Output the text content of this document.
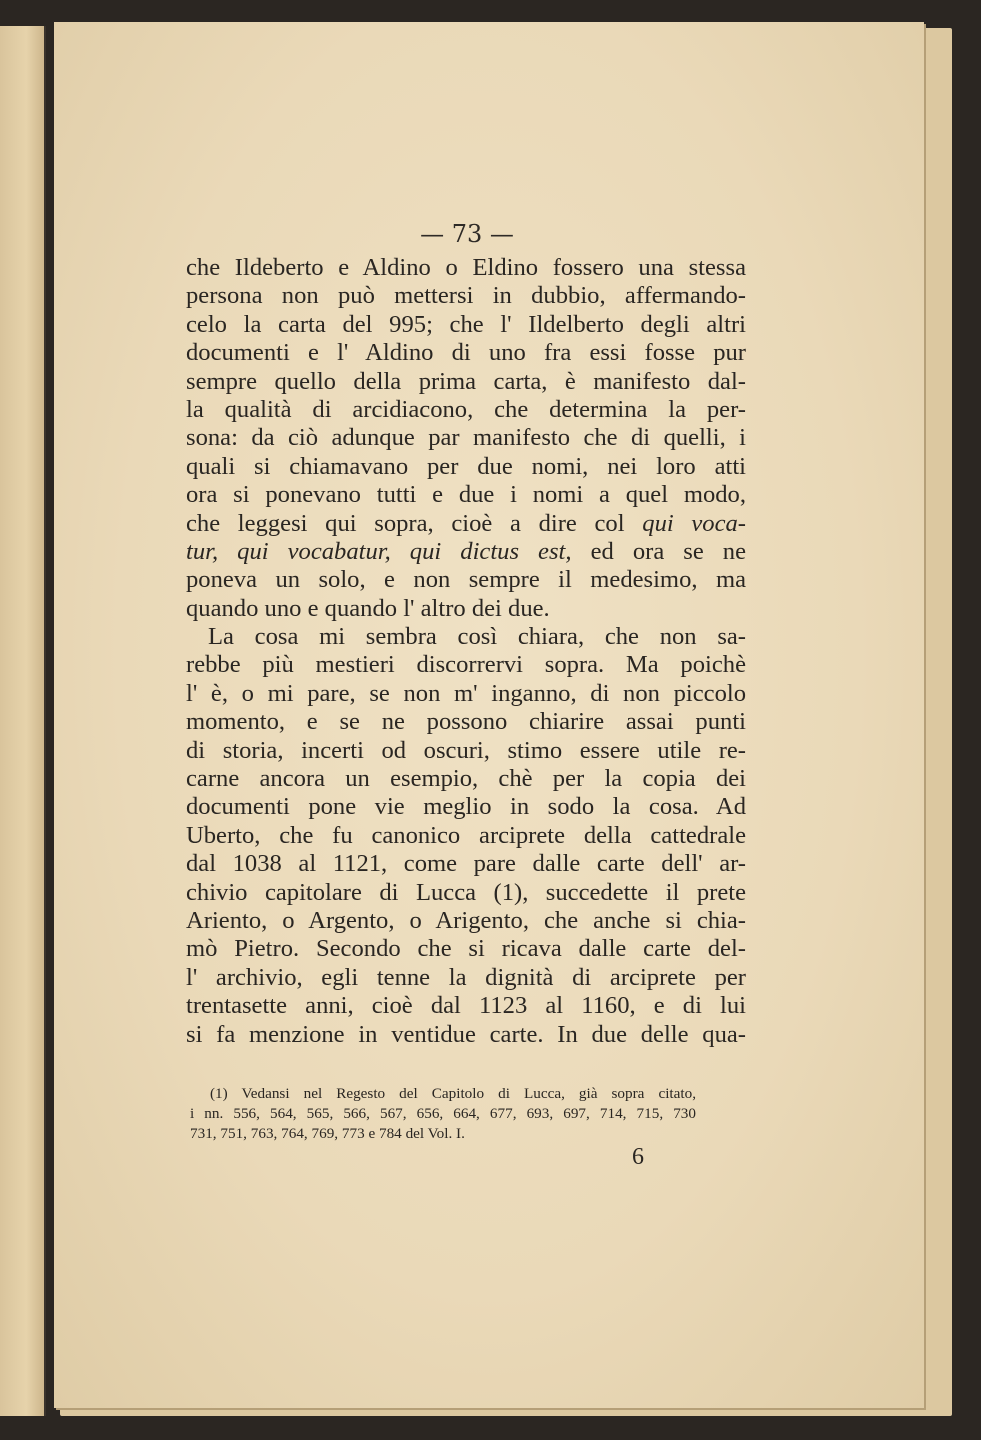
— 73 —
che Ildeberto e Aldino o Eldino fossero una stessa
persona non può mettersi in dubbio, affermando-
celo la carta del 995; che l' Ildelberto degli altri
documenti e l' Aldino di uno fra essi fosse pur
sempre quello della prima carta, è manifesto dal-
la qualità di arcidiacono, che determina la per-
sona: da ciò adunque par manifesto che di quelli, i
quali si chiamavano per due nomi, nei loro atti
ora si ponevano tutti e due i nomi a quel modo,
che leggesi qui sopra, cioè a dire col qui voca-
tur, qui vocabatur, qui dictus est, ed ora se ne
poneva un solo, e non sempre il medesimo, ma
quando uno e quando l' altro dei due.
La cosa mi sembra così chiara, che non sa-
rebbe più mestieri discorrervi sopra. Ma poichè
l' è, o mi pare, se non m' inganno, di non piccolo
momento, e se ne possono chiarire assai punti
di storia, incerti od oscuri, stimo essere utile re-
carne ancora un esempio, chè per la copia dei
documenti pone vie meglio in sodo la cosa. Ad
Uberto, che fu canonico arciprete della cattedrale
dal 1038 al 1121, come pare dalle carte dell' ar-
chivio capitolare di Lucca (1), succedette il prete
Ariento, o Argento, o Arigento, che anche si chia-
mò Pietro. Secondo che si ricava dalle carte del-
l' archivio, egli tenne la dignità di arciprete per
trentasette anni, cioè dal 1123 al 1160, e di lui
si fa menzione in ventidue carte. In due delle qua-
(1) Vedansi nel Regesto del Capitolo di Lucca, già sopra citato,
i nn. 556, 564, 565, 566, 567, 656, 664, 677, 693, 697, 714, 715, 730
731, 751, 763, 764, 769, 773 e 784 del Vol. I.
6
